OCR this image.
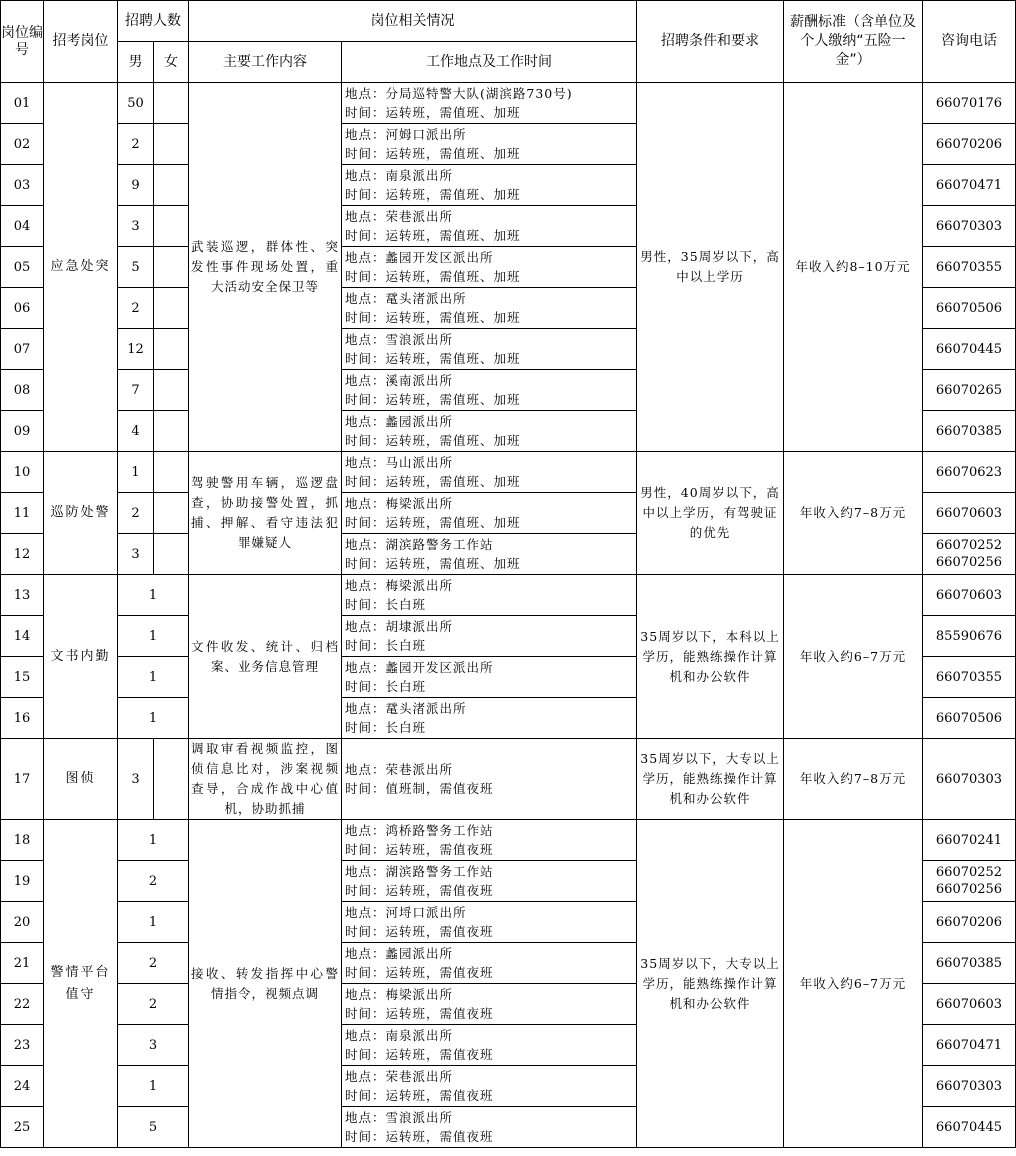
岗位编号	招考岗位	招聘人数		岗位相关情况		招聘条件和要求	薪酬标准（含单位及个人缴纳“五险一金”）	咨询电话
		男	女	主要工作内容	工作地点及工作时间			
01	应急处突	50		武装巡逻，群体性、突发性事件现场处置，重大活动安全保卫等	地点：分局巡特警大队(湖滨路730号)
时间：运转班，需值班、加班	男性，35周岁以下，高中以上学历	年收入约8–10万元	66070176

02		2			地点：河姆口派出所
时间：运转班，需值班、加班			66070206

03		9			地点：南泉派出所
时间：运转班，需值班、加班			66070471

04		3			地点：荣巷派出所
时间：运转班，需值班、加班			66070303

05		5			地点：蠡园开发区派出所
时间：运转班，需值班、加班			66070355

06		2			地点：鼋头渚派出所
时间：运转班，需值班、加班			66070506

07		12			地点：雪浪派出所
时间：运转班，需值班、加班			66070445

08		7			地点：溪南派出所
时间：运转班，需值班、加班			66070265

09		4			地点：蠡园派出所
时间：运转班，需值班、加班			66070385

10	巡防处警	1		驾驶警用车辆，巡逻盘查，协助接警处置，抓捕、押解、看守违法犯罪嫌疑人	地点：马山派出所
时间：运转班，需值班、加班	男性，40周岁以下，高中以上学历，有驾驶证的优先	年收入约7–8万元	66070623

11		2			地点：梅梁派出所
时间：运转班，需值班、加班			66070603

12		3			地点：湖滨路警务工作站
时间：运转班，需值班、加班			66070252
66070256

13	文书内勤	1		文件收发、统计、归档案、业务信息管理	地点：梅梁派出所
时间：长白班	35周岁以下，本科以上学历，能熟练操作计算机和办公软件	年收入约6–7万元	66070603

14		1			地点：胡埭派出所
时间：长白班			85590676

15		1			地点：蠡园开发区派出所
时间：长白班			66070355

16		1			地点：鼋头渚派出所
时间：长白班			66070506

17	图侦	3		调取审看视频监控，图侦信息比对，涉案视频查导，合成作战中心值机，协助抓捕	地点：荣巷派出所
时间：值班制，需值夜班	35周岁以下，大专以上学历，能熟练操作计算机和办公软件	年收入约7–8万元	66070303

18	警情平台值守	1		接收、转发指挥中心警情指令，视频点调	地点：鸿桥路警务工作站
时间：运转班，需值夜班	35周岁以下，大专以上学历，能熟练操作计算机和办公软件	年收入约6–7万元	66070241

19		2			地点：湖滨路警务工作站
时间：运转班，需值夜班			66070252
66070256

20		1			地点：河埒口派出所
时间：运转班，需值夜班			66070206

21		2			地点：蠡园派出所
时间：运转班，需值夜班			66070385

22		2			地点：梅梁派出所
时间：运转班，需值夜班			66070603

23		3			地点：南泉派出所
时间：运转班，需值夜班			66070471

24		1			地点：荣巷派出所
时间：运转班，需值夜班			66070303

25		5			地点：雪浪派出所
时间：运转班，需值夜班			66070445
